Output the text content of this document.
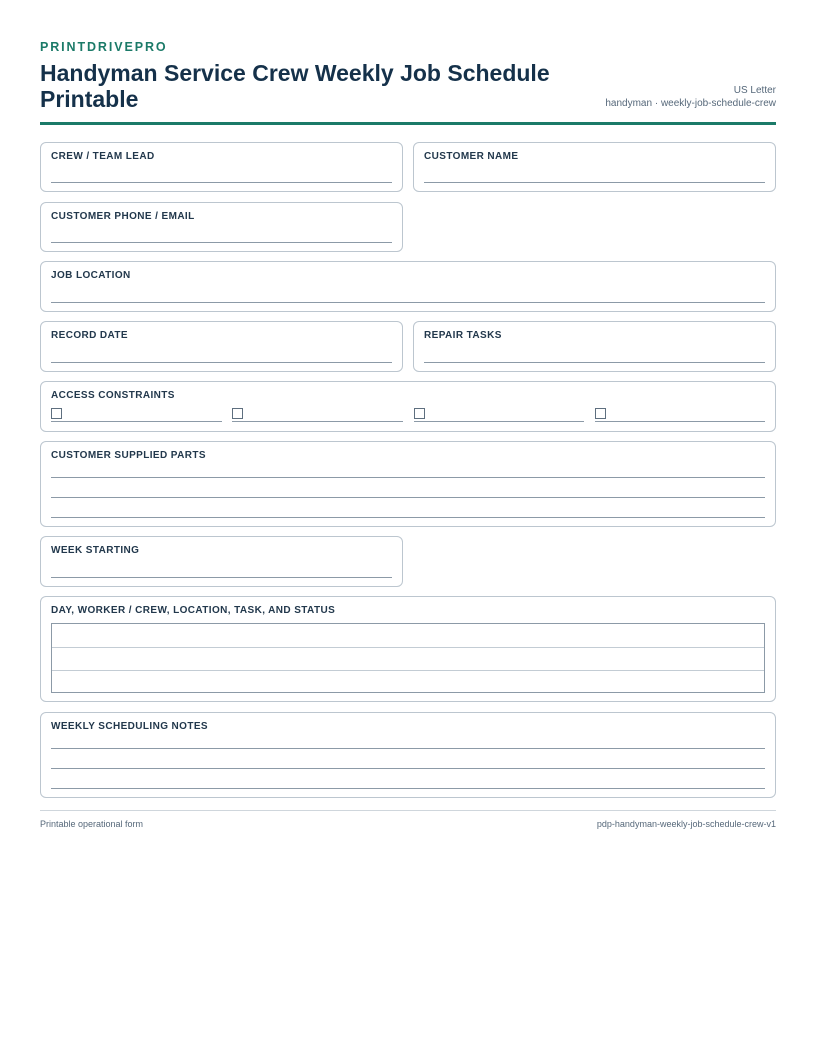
PRINTDRIVEPRO
Handyman Service Crew Weekly Job Schedule Printable	US Letter
handyman · weekly-job-schedule-crew
CREW / TEAM LEAD	CUSTOMER NAME
CUSTOMER PHONE / EMAIL
JOB LOCATION
RECORD DATE	REPAIR TASKS
ACCESS CONSTRAINTS
CUSTOMER SUPPLIED PARTS
WEEK STARTING
DAY, WORKER / CREW, LOCATION, TASK, AND STATUS
WEEKLY SCHEDULING NOTES
Printable operational form	pdp-handyman-weekly-job-schedule-crew-v1
